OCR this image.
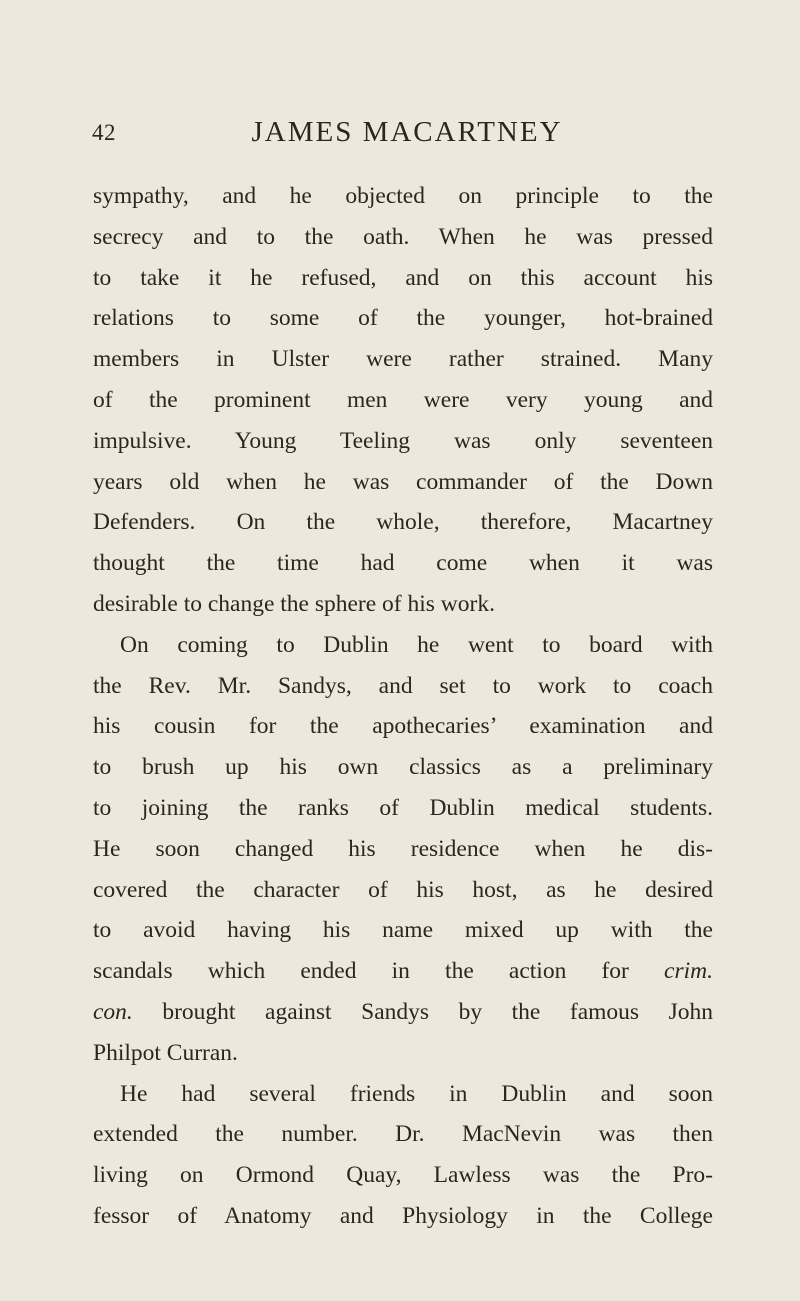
42	JAMES MACARTNEY
sympathy, and he objected on principle to the
secrecy and to the oath. When he was pressed
to take it he refused, and on this account his
relations to some of the younger, hot-brained
members in Ulster were rather strained. Many
of the prominent men were very young and
impulsive. Young Teeling was only seventeen
years old when he was commander of the Down
Defenders. On the whole, therefore, Macartney
thought the time had come when it was
desirable to change the sphere of his work.
On coming to Dublin he went to board with
the Rev. Mr. Sandys, and set to work to coach
his cousin for the apothecaries’ examination and
to brush up his own classics as a preliminary
to joining the ranks of Dublin medical students.
He soon changed his residence when he dis-
covered the character of his host, as he desired
to avoid having his name mixed up with the
scandals which ended in the action for crim.
con. brought against Sandys by the famous John
Philpot Curran.
He had several friends in Dublin and soon
extended the number. Dr. MacNevin was then
living on Ormond Quay, Lawless was the Pro-
fessor of Anatomy and Physiology in the College
